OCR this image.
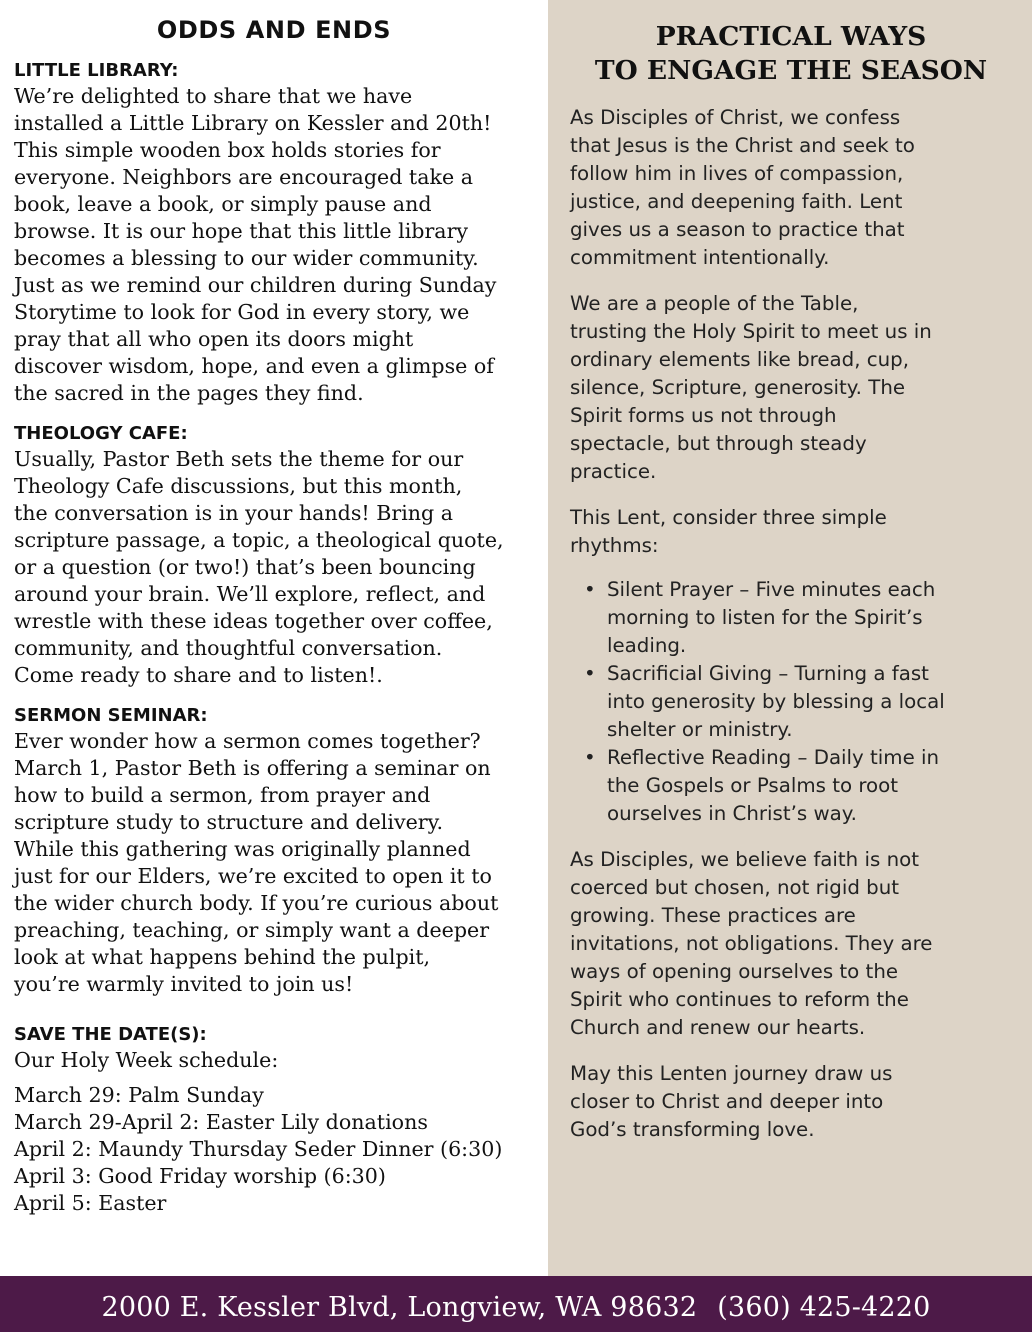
ODDS AND ENDS
LITTLE LIBRARY:
We’re delighted to share that we have
installed a Little Library on Kessler and 20th!
This simple wooden box holds stories for
everyone. Neighbors are encouraged take a
book, leave a book, or simply pause and
browse. It is our hope that this little library
becomes a blessing to our wider community.
Just as we remind our children during Sunday
Storytime to look for God in every story, we
pray that all who open its doors might
discover wisdom, hope, and even a glimpse of
the sacred in the pages they find.
THEOLOGY CAFE:
Usually, Pastor Beth sets the theme for our
Theology Cafe discussions, but this month,
the conversation is in your hands! Bring a
scripture passage, a topic, a theological quote,
or a question (or two!) that’s been bouncing
around your brain. We’ll explore, reflect, and
wrestle with these ideas together over coffee,
community, and thoughtful conversation.
Come ready to share and to listen!.
SERMON SEMINAR:
Ever wonder how a sermon comes together?
March 1, Pastor Beth is offering a seminar on
how to build a sermon, from prayer and
scripture study to structure and delivery.
While this gathering was originally planned
just for our Elders, we’re excited to open it to
the wider church body. If you’re curious about
preaching, teaching, or simply want a deeper
look at what happens behind the pulpit,
you’re warmly invited to join us!
SAVE THE DATE(S):
Our Holy Week schedule:
March 29: Palm Sunday
March 29-April 2: Easter Lily donations
April 2: Maundy Thursday Seder Dinner (6:30)
April 3: Good Friday worship (6:30)
April 5: Easter
PRACTICAL WAYS
TO ENGAGE THE SEASON
As Disciples of Christ, we confess
that Jesus is the Christ and seek to
follow him in lives of compassion,
justice, and deepening faith. Lent
gives us a season to practice that
commitment intentionally.
We are a people of the Table,
trusting the Holy Spirit to meet us in
ordinary elements like bread, cup,
silence, Scripture, generosity. The
Spirit forms us not through
spectacle, but through steady
practice.
This Lent, consider three simple
rhythms:
• Silent Prayer – Five minutes each
morning to listen for the Spirit’s
leading.
• Sacrificial Giving – Turning a fast
into generosity by blessing a local
shelter or ministry.
• Reflective Reading – Daily time in
the Gospels or Psalms to root
ourselves in Christ’s way.
As Disciples, we believe faith is not
coerced but chosen, not rigid but
growing. These practices are
invitations, not obligations. They are
ways of opening ourselves to the
Spirit who continues to reform the
Church and renew our hearts.
May this Lenten journey draw us
closer to Christ and deeper into
God’s transforming love.
2000 E. Kessler Blvd, Longview, WA 98632 (360) 425-4220
